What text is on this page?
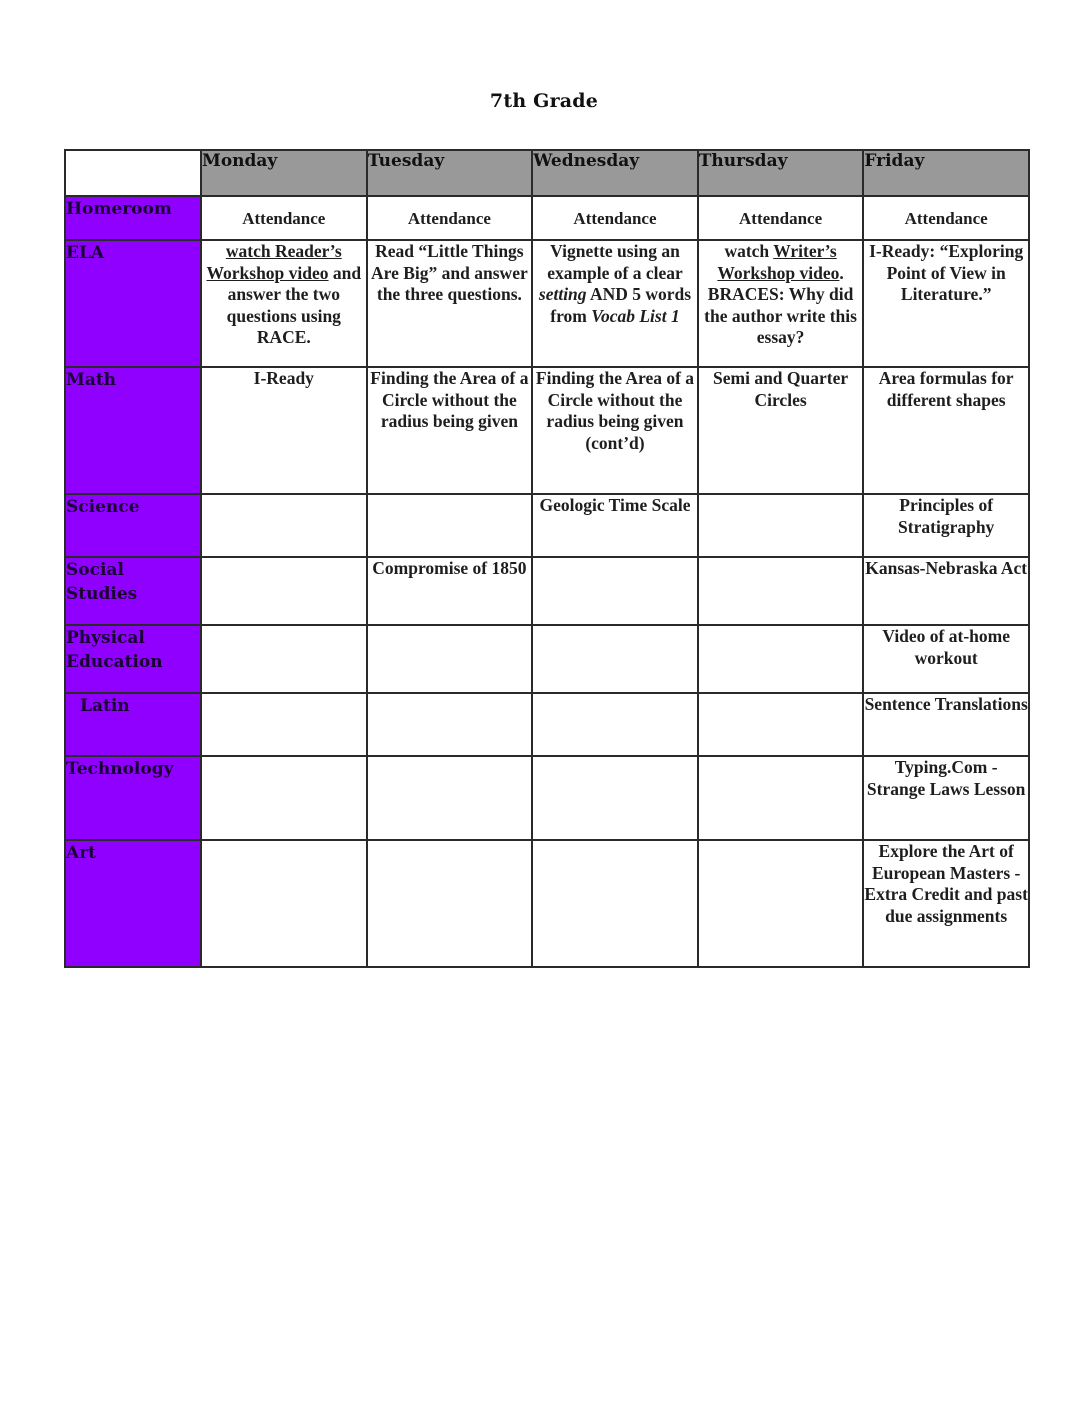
7th Grade
	Monday	Tuesday	Wednesday	Thursday	Friday
Homeroom	Attendance	Attendance	Attendance	Attendance	Attendance
ELA	watch Reader’s Workshop video and answer the two questions using RACE.	Read “Little Things Are Big” and answer the three questions.	Vignette using an example of a clear setting AND 5 words from Vocab List 1	watch Writer’s Workshop video. BRACES: Why did the author write this essay?	I-Ready: “Exploring Point of View in Literature.”
Math	I-Ready	Finding the Area of a Circle without the radius being given	Finding the Area of a Circle without the radius being given (cont’d)	Semi and Quarter Circles	Area formulas for different shapes
Science			Geologic Time Scale		Principles of Stratigraphy
Social Studies		Compromise of 1850			Kansas-Nebraska Act
Physical Education					Video of at-home workout
Latin					Sentence Translations
Technology					Typing.Com - Strange Laws Lesson
Art					Explore the Art of European Masters - Extra Credit and past due assignments
